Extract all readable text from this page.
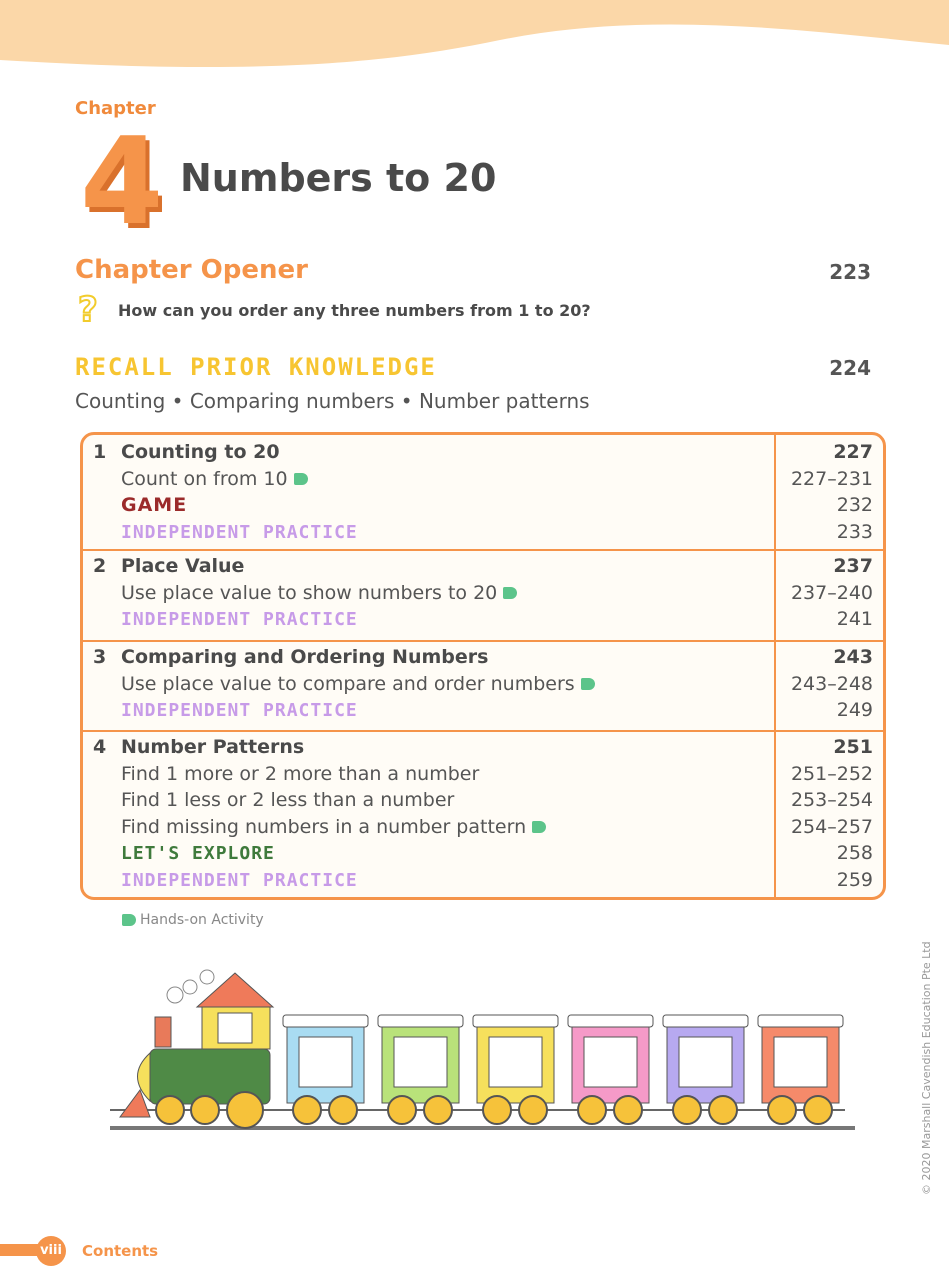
Chapter
4 Numbers to 20
Chapter Opener	223
? How can you order any three numbers from 1 to 20?
RECALL PRIOR KNOWLEDGE	224
Counting • Comparing numbers • Number patterns
1 Counting to 20	227
Count on from 10	227–231
GAME	232
INDEPENDENT PRACTICE	233
2 Place Value	237
Use place value to show numbers to 20	237–240
INDEPENDENT PRACTICE	241
3 Comparing and Ordering Numbers	243
Use place value to compare and order numbers	243–248
INDEPENDENT PRACTICE	249
4 Number Patterns	251
Find 1 more or 2 more than a number	251–252
Find 1 less or 2 less than a number	253–254
Find missing numbers in a number pattern	254–257
LET'S EXPLORE	258
INDEPENDENT PRACTICE	259
Hands-on Activity
© 2020 Marshall Cavendish Education Pte Ltd
viii Contents
